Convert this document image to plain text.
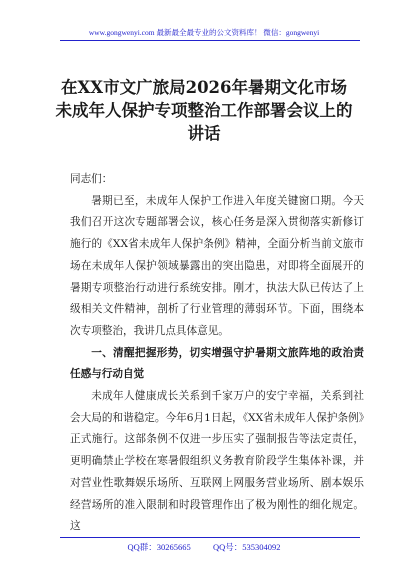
www.gongwenyi.com 最新最全最专业的公文资料库！ 微信：gongwenyi
在XX市文广旅局2026年暑期文化市场
未成年人保护专项整治工作部署会议上的
讲话

同志们：

暑期已至，未成年人保护工作进入年度关键窗口期。今天我们召开这次专题部署会议，核心任务是深入贯彻落实新修订施行的《XX省未成年人保护条例》精神，全面分析当前文旅市场在未成年人保护领域暴露出的突出隐患，对即将全面展开的暑期专项整治行动进行系统安排。刚才，执法大队已传达了上级相关文件精神，剖析了行业管理的薄弱环节。下面，围绕本次专项整治，我讲几点具体意见。

一、清醒把握形势，切实增强守护暑期文旅阵地的政治责任感与行动自觉

未成年人健康成长关系到千家万户的安宁幸福，关系到社会大局的和谐稳定。今年6月1日起，《XX省未成年人保护条例》正式施行。这部条例不仅进一步压实了强制报告等法定责任，更明确禁止学校在寒暑假组织义务教育阶段学生集体补课，并对营业性歌舞娱乐场所、互联网上网服务营业场所、剧本娱乐经营场所的准入限制和时段管理作出了极为刚性的细化规定。这

QQ群：30265665	QQ号：535304092
